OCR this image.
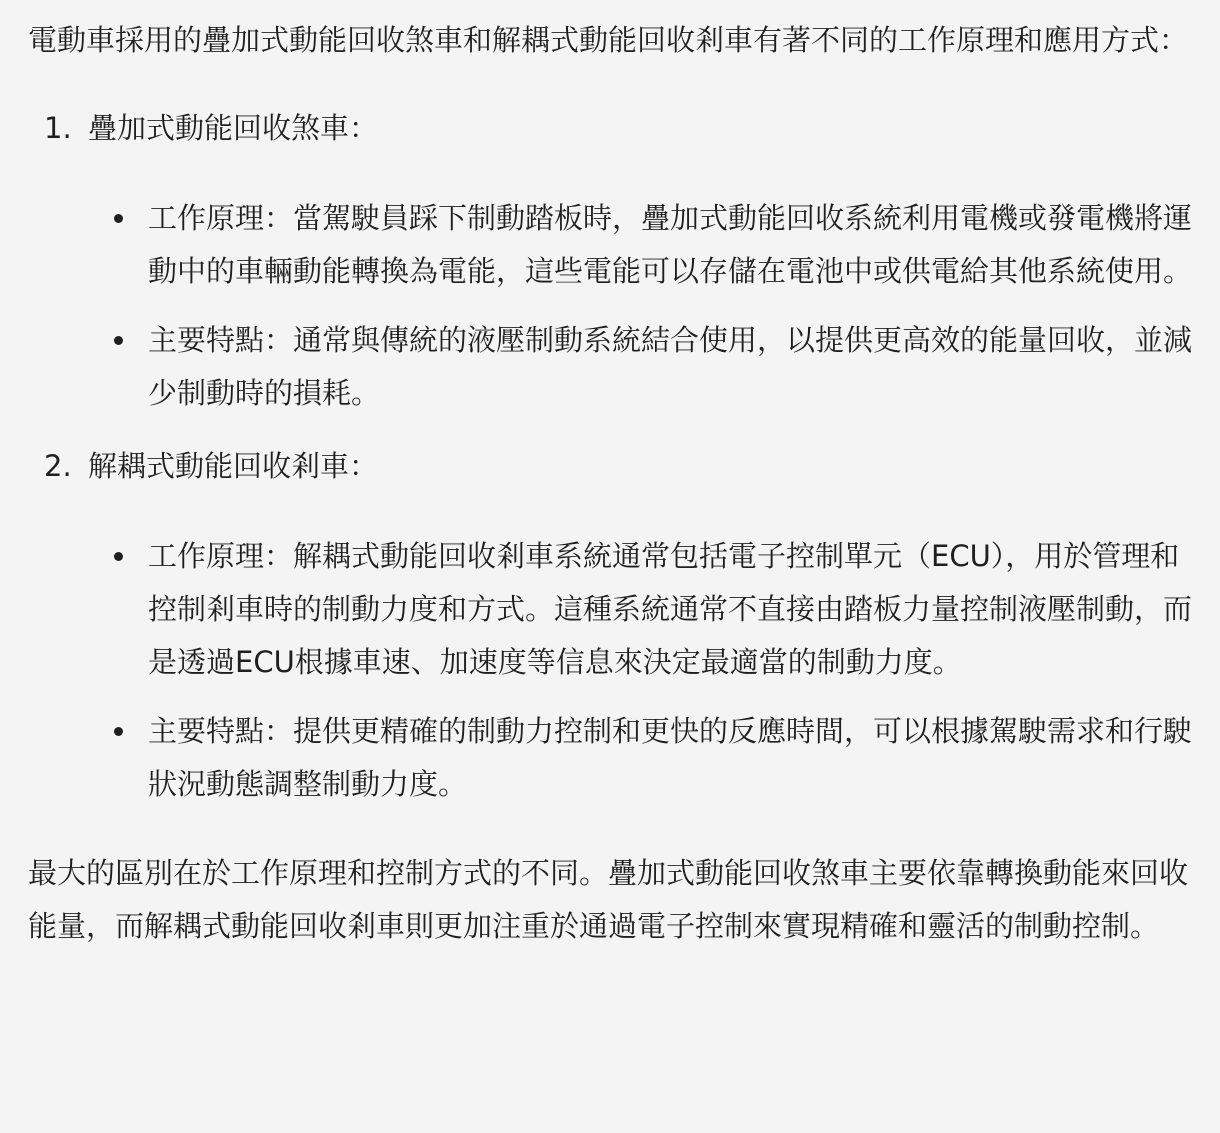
電動車採用的疊加式動能回收煞車和解耦式動能回收剎車有著不同的工作原理和應用方式：

1. 疊加式動能回收煞車：
工作原理：當駕駛員踩下制動踏板時，疊加式動能回收系統利用電機或發電機將運動中的車輛動能轉換為電能，這些電能可以存儲在電池中或供電給其他系統使用。
主要特點：通常與傳統的液壓制動系統結合使用，以提供更高效的能量回收，並減少制動時的損耗。
2. 解耦式動能回收剎車：
工作原理：解耦式動能回收剎車系統通常包括電子控制單元（ECU），用於管理和控制剎車時的制動力度和方式。這種系統通常不直接由踏板力量控制液壓制動，而是透過ECU根據車速、加速度等信息來決定最適當的制動力度。
主要特點：提供更精確的制動力控制和更快的反應時間，可以根據駕駛需求和行駛狀況動態調整制動力度。

最大的區別在於工作原理和控制方式的不同。疊加式動能回收煞車主要依靠轉換動能來回收能量，而解耦式動能回收剎車則更加注重於通過電子控制來實現精確和靈活的制動控制。
